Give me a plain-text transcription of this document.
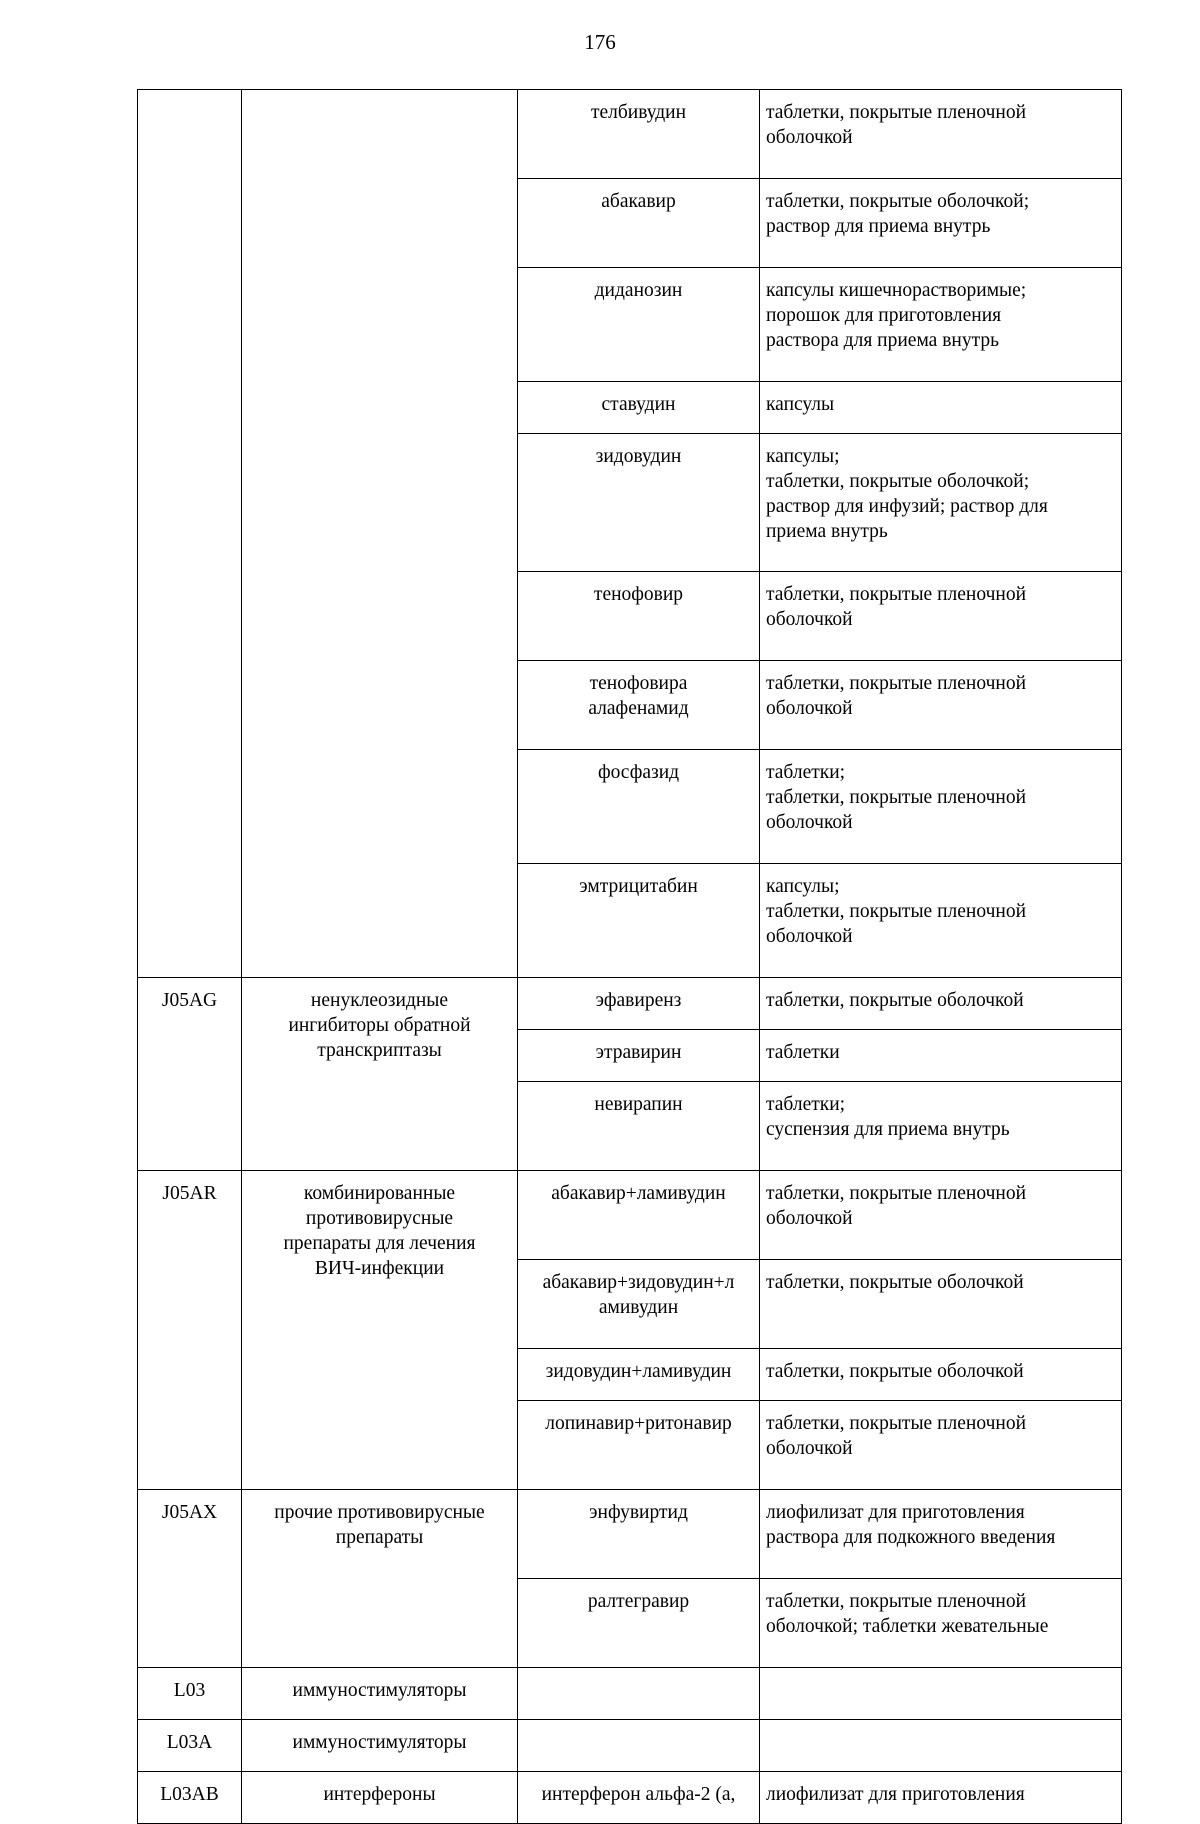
176

		телбивудин	таблетки, покрытые пленочной
оболочкой

		абакавир	таблетки, покрытые оболочкой;
раствор для приема внутрь

		диданозин	капсулы кишечнорастворимые;
порошок для приготовления
раствора для приема внутрь

		ставудин	капсулы

		зидовудин	капсулы;
таблетки, покрытые оболочкой;
раствор для инфузий; раствор для
приема внутрь

		тенофовир	таблетки, покрытые пленочной
оболочкой

		тенофовира
алафенамид	таблетки, покрытые пленочной
оболочкой

		фосфазид	таблетки;
таблетки, покрытые пленочной
оболочкой

		эмтрицитабин	капсулы;
таблетки, покрытые пленочной
оболочкой

J05AG	ненуклеозидные
ингибиторы обратной
транскриптазы	эфавиренз	таблетки, покрытые оболочкой

		этравирин	таблетки

		невирапин	таблетки;
суспензия для приема внутрь

J05AR	комбинированные
противовирусные
препараты для лечения
ВИЧ-инфекции	абакавир+ламивудин	таблетки, покрытые пленочной
оболочкой

		абакавир+зидовудин+л
амивудин	таблетки, покрытые оболочкой

		зидовудин+ламивудин	таблетки, покрытые оболочкой

		лопинавир+ритонавир	таблетки, покрытые пленочной
оболочкой

J05AX	прочие противовирусные
препараты	энфувиртид	лиофилизат для приготовления
раствора для подкожного введения

		ралтегравир	таблетки, покрытые пленочной
оболочкой; таблетки жевательные

L03	иммуностимуляторы		

L03A	иммуностимуляторы		

L03AB	интерфероны	интерферон альфа-2 (а,	лиофилизат для приготовления
